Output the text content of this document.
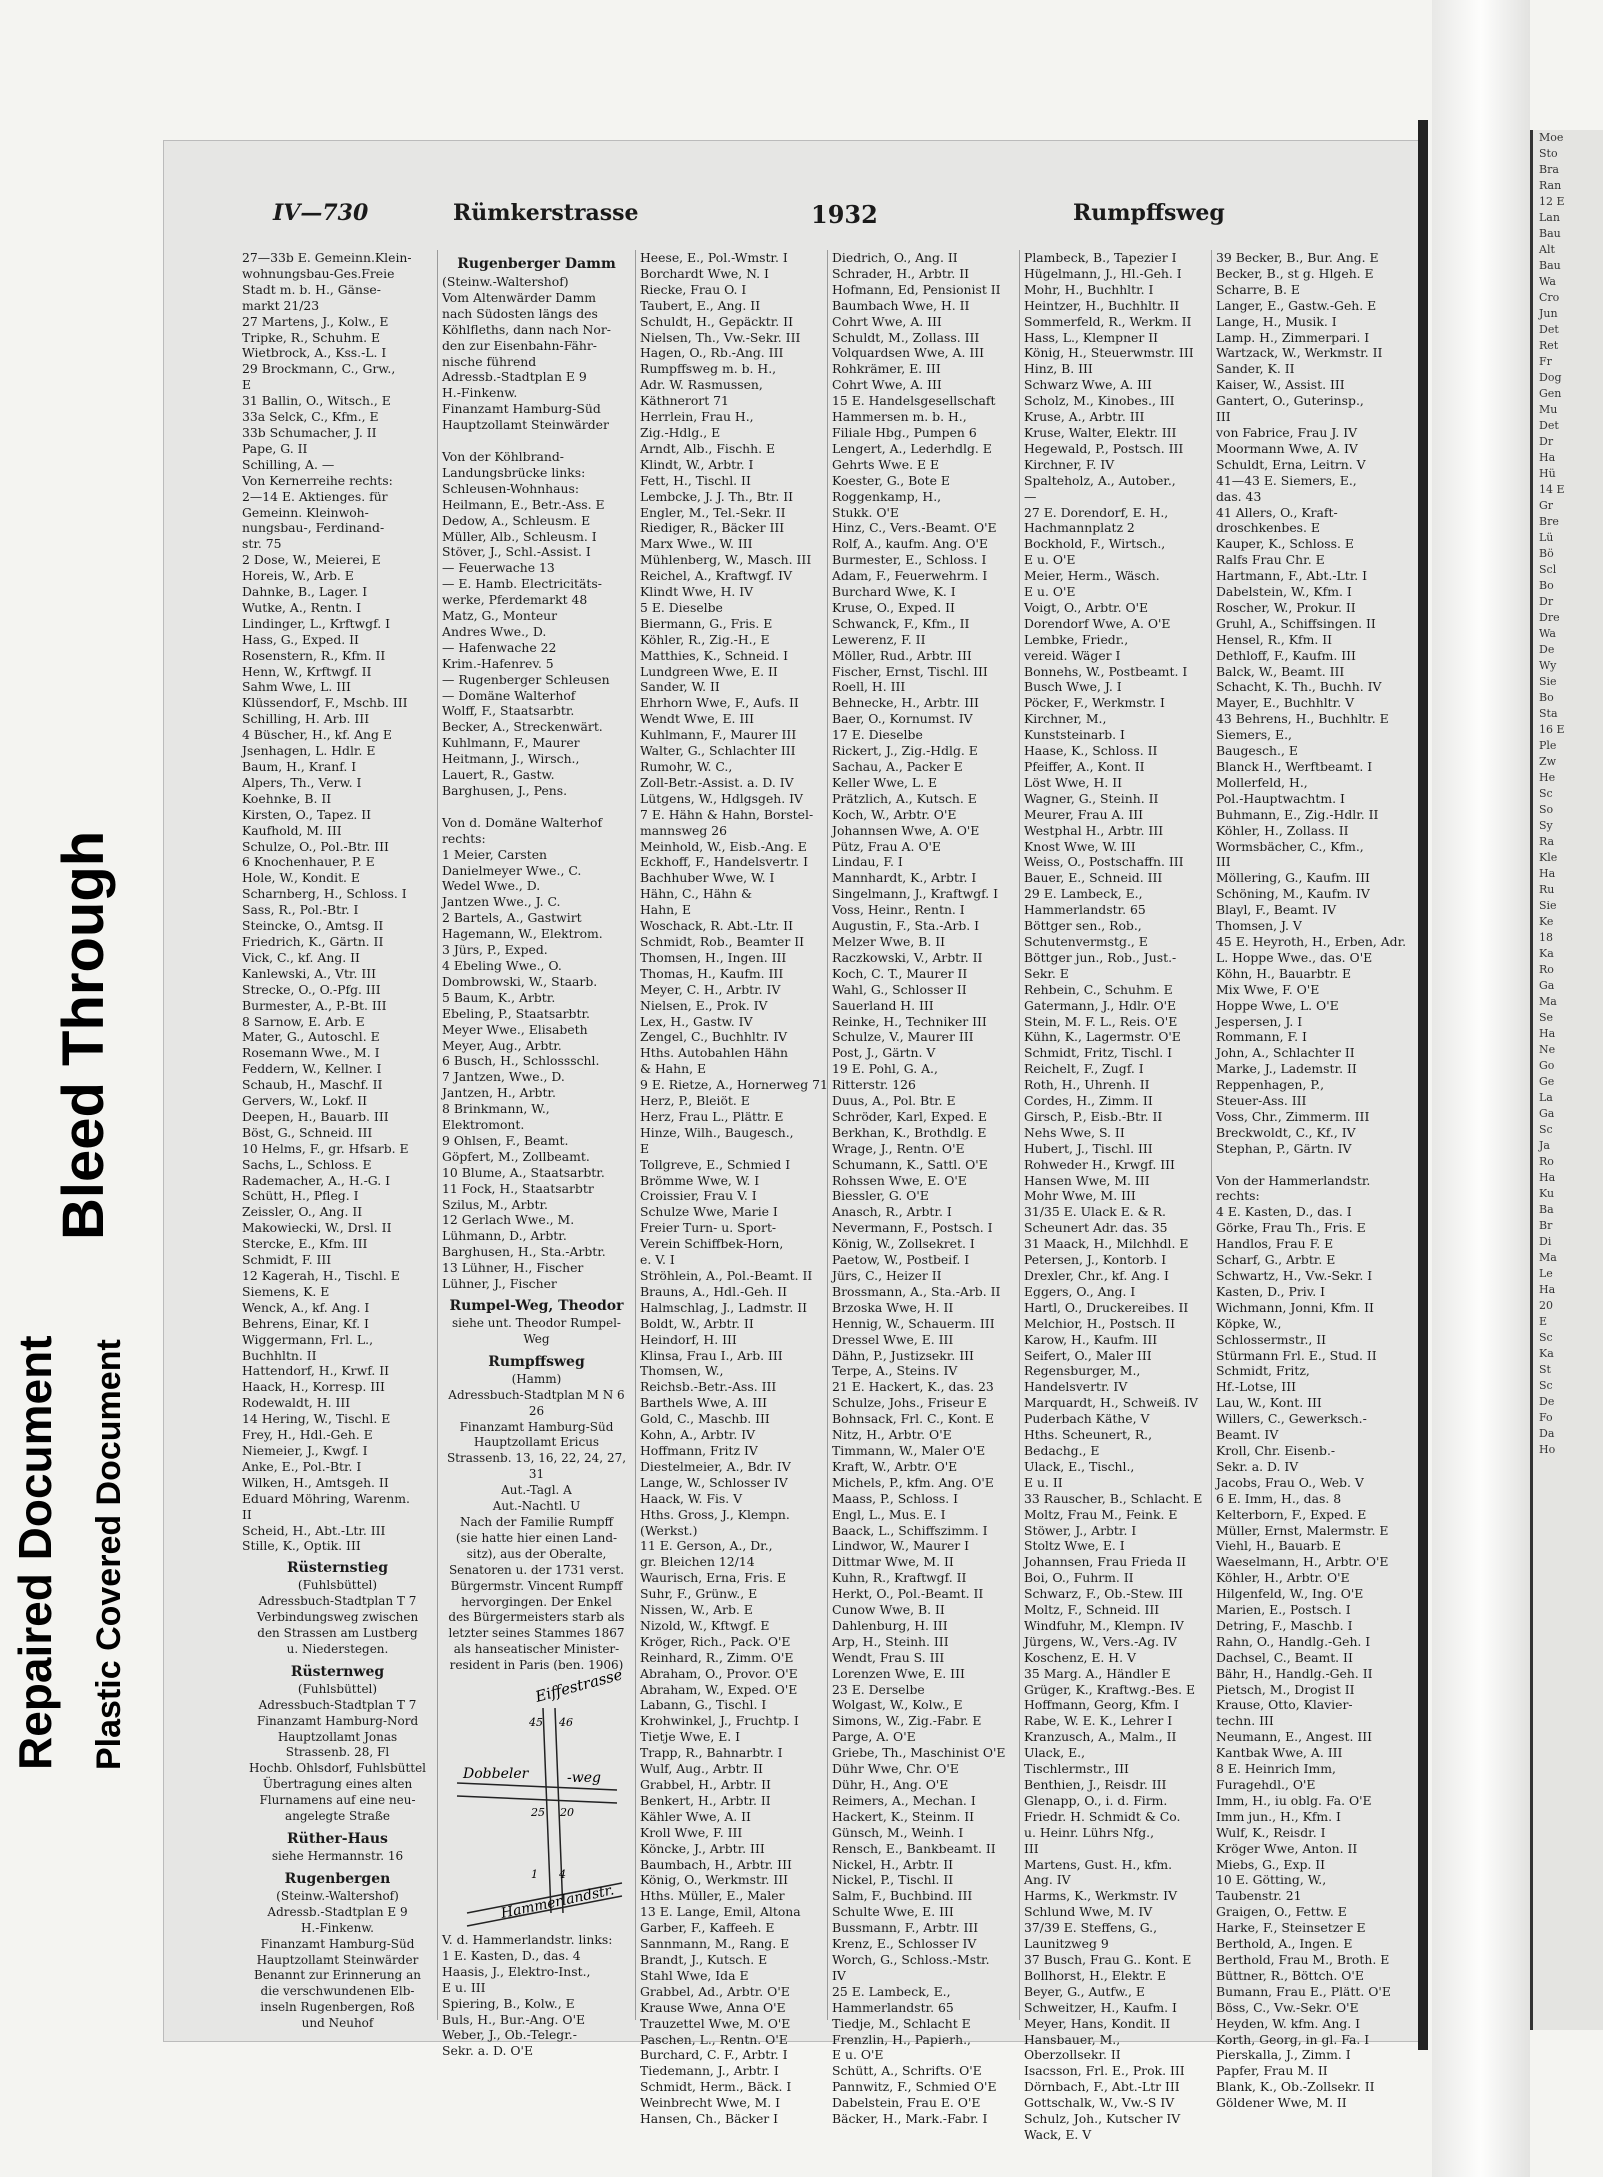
Moe
Sto
Bra
Ran
12 E
Lan
Bau
Alt
Bau
Wa
Cro
Jun
Det
Ret
Fr
Dog
Gen
Mu
Det
Dr
Ha
Hü
14 E
Gr
Bre
Lü
Bö
Scl
Bo
Dr
Dre
Wa
De
Wy
Sie
Bo
Sta
16 E
Ple
Zw
He
Sc
So
Sy
Ra
Kle
Ha
Ru
Sie
Ke
18
Ka
Ro
Ga
Ma
Se
Ha
Ne
Go
Ge
La
Ga
Sc
Ja
Ro
Ha
Ku
Ba
Br
Di
Ma
Le
Ha
20
E
Sc
Ka
St
Sc
De
Fo
Da
Ho
Repaired Document Plastic Covered Document
Bleed Through
IV—730	Rümkerstrasse	1932	Rumpffsweg
27—33b E. Gemeinn.Klein-
wohnungsbau-Ges.Freie
Stadt m. b. H., Gänse-
markt 21/23
27 Martens, J., Kolw., E
Tripke, R., Schuhm. E
Wietbrock, A., Kss.-L. I
29 Brockmann, C., Grw.,
E
31 Ballin, O., Witsch., E
33a Selck, C., Kfm., E
33b Schumacher, J. II
Pape, G. II
Schilling, A. —
Von Kernerreihe rechts:
2—14 E. Aktienges. für
Gemeinn. Kleinwoh-
nungsbau-, Ferdinand-
str. 75
2 Dose, W., Meierei, E
Horeis, W., Arb. E
Dahnke, B., Lager. I
Wutke, A., Rentn. I
Lindinger, L., Krftwgf. I
Hass, G., Exped. II
Rosenstern, R., Kfm. II
Henn, W., Krftwgf. II
Sahm Wwe, L. III
Klüssendorf, F., Mschb. III
Schilling, H. Arb. III
4 Büscher, H., kf. Ang E
Jsenhagen, L. Hdlr. E
Baum, H., Kranf. I
Alpers, Th., Verw. I
Koehnke, B. II
Kirsten, O., Tapez. II
Kaufhold, M. III
Schulze, O., Pol.-Btr. III
6 Knochenhauer, P. E
Hole, W., Kondit. E
Scharnberg, H., Schloss. I
Sass, R., Pol.-Btr. I
Steincke, O., Amtsg. II
Friedrich, K., Gärtn. II
Vick, C., kf. Ang. II
Kanlewski, A., Vtr. III
Strecke, O., O.-Pfg. III
Burmester, A., P.-Bt. III
8 Sarnow, E. Arb. E
Mater, G., Autoschl. E
Rosemann Wwe., M. I
Feddern, W., Kellner. I
Schaub, H., Maschf. II
Gervers, W., Lokf. II
Deepen, H., Bauarb. III
Böst, G., Schneid. III
10 Helms, F., gr. Hfsarb. E
Sachs, L., Schloss. E
Rademacher, A., H.-G. I
Schütt, H., Pfleg. I
Zeissler, O., Ang. II
Makowiecki, W., Drsl. II
Stercke, E., Kfm. III
Schmidt, F. III
12 Kagerah, H., Tischl. E
Siemens, K. E
Wenck, A., kf. Ang. I
Behrens, Einar, Kf. I
Wiggermann, Frl. L.,
Buchhltn. II
Hattendorf, H., Krwf. II
Haack, H., Korresp. III
Rodewaldt, H. III
14 Hering, W., Tischl. E
Frey, H., Hdl.-Geh. E
Niemeier, J., Kwgf. I
Anke, E., Pol.-Btr. I
Wilken, H., Amtsgeh. II
Eduard Möhring, Warenm.
II
Scheid, H., Abt.-Ltr. III
Stille, K., Optik. III
Rüsternstieg
(Fuhlsbüttel)
Adressbuch-Stadtplan T 7
Verbindungsweg zwischen
den Strassen am Lustberg
u. Niederstegen.
Rüsternweg
(Fuhlsbüttel)
Adressbuch-Stadtplan T 7
Finanzamt Hamburg-Nord
Hauptzollamt Jonas
Strassenb. 28, Fl
Hochb. Ohlsdorf, Fuhlsbüttel
Übertragung eines alten
Flurnamens auf eine neu-
angelegte Straße
Rüther-Haus
siehe Hermannstr. 16
Rugenbergen
(Steinw.-Waltershof)
Adressb.-Stadtplan E 9
H.-Finkenw.
Finanzamt Hamburg-Süd
Hauptzollamt Steinwärder
Benannt zur Erinnerung an
die verschwundenen Elb-
inseln Rugenbergen, Roß
und Neuhof
Rugenberger Damm
(Steinw.-Waltershof)
Vom Altenwärder Damm
nach Südosten längs des
Köhlfleths, dann nach Nor-
den zur Eisenbahn-Fähr-
nische führend
Adressb.-Stadtplan E 9
H.-Finkenw.
Finanzamt Hamburg-Süd
Hauptzollamt Steinwärder

Von der Köhlbrand-
Landungsbrücke links:
Schleusen-Wohnhaus:
Heilmann, E., Betr.-Ass. E
Dedow, A., Schleusm. E
Müller, Alb., Schleusm. I
Stöver, J., Schl.-Assist. I
— Feuerwache 13
— E. Hamb. Electricitäts-
werke, Pferdemarkt 48
Matz, G., Monteur
Andres Wwe., D.
— Hafenwache 22
Krim.-Hafenrev. 5
— Rugenberger Schleusen
— Domäne Walterhof
Wolff, F., Staatsarbtr.
Becker, A., Streckenwärt.
Kuhlmann, F., Maurer
Heitmann, J., Wirsch.,
Lauert, R., Gastw.
Barghusen, J., Pens.

Von d. Domäne Walterhof
rechts:
1 Meier, Carsten
Danielmeyer Wwe., C.
Wedel Wwe., D.
Jantzen Wwe., J. C.
2 Bartels, A., Gastwirt
Hagemann, W., Elektrom.
3 Jürs, P., Exped.
4 Ebeling Wwe., O.
Dombrowski, W., Staarb.
5 Baum, K., Arbtr.
Ebeling, P., Staatsarbtr.
Meyer Wwe., Elisabeth
Meyer, Aug., Arbtr.
6 Busch, H., Schlossschl.
7 Jantzen, Wwe., D.
Jantzen, H., Arbtr.
8 Brinkmann, W.,
Elektromont.
9 Ohlsen, F., Beamt.
Göpfert, M., Zollbeamt.
10 Blume, A., Staatsarbtr.
11 Fock, H., Staatsarbtr
Szilus, M., Arbtr.
12 Gerlach Wwe., M.
Lühmann, D., Arbtr.
Barghusen, H., Sta.-Arbtr.
13 Lühner, H., Fischer
Lühner, J., Fischer
Rumpel-Weg, Theodor
siehe unt. Theodor Rumpel-
Weg
Rumpffsweg
(Hamm)
Adressbuch-Stadtplan M N 6
26
Finanzamt Hamburg-Süd
Hauptzollamt Ericus
Strassenb. 13, 16, 22, 24, 27, 31
Aut.-Tagl. A
Aut.-Nachtl. U
Nach der Familie Rumpff
(sie hatte hier einen Land-
sitz), aus der Oberalte,
Senatoren u. der 1731 verst.
Bürgermstr. Vincent Rumpff
hervorgingen. Der Enkel
des Bürgermeisters starb als
letzter seines Stammes 1867
als hanseatischer Minister-
resident in Paris (ben. 1906)
Eiffestrasse
Dobbeler	-weg
Hammerlandstr.
45 46
25 20
1 4
V. d. Hammerlandstr. links:
1 E. Kasten, D., das. 4
Haasis, J., Elektro-Inst.,
E u. III
Spiering, B., Kolw., E
Buls, H., Bur.-Ang. O'E
Weber, J., Ob.-Telegr.-
Sekr. a. D. O'E
Heese, E., Pol.-Wmstr. I
Borchardt Wwe, N. I
Riecke, Frau O. I
Taubert, E., Ang. II
Schuldt, H., Gepäcktr. II
Nielsen, Th., Vw.-Sekr. III
Hagen, O., Rb.-Ang. III
Rumpffsweg m. b. H.,
Adr. W. Rasmussen,
Käthnerort 71
Herrlein, Frau H.,
Zig.-Hdlg., E
Arndt, Alb., Fischh. E
Klindt, W., Arbtr. I
Fett, H., Tischl. II
Lembcke, J. J. Th., Btr. II
Engler, M., Tel.-Sekr. II
Riediger, R., Bäcker III
Marx Wwe., W. III
Mühlenberg, W., Masch. III
Reichel, A., Kraftwgf. IV
Klindt Wwe, H. IV
5 E. Dieselbe
Biermann, G., Fris. E
Köhler, R., Zig.-H., E
Matthies, K., Schneid. I
Lundgreen Wwe, E. II
Sander, W. II
Ehrhorn Wwe, F., Aufs. II
Wendt Wwe, E. III
Kuhlmann, F., Maurer III
Walter, G., Schlachter III
Rumohr, W. C.,
Zoll-Betr.-Assist. a. D. IV
Lütgens, W., Hdlgsgeh. IV
7 E. Hähn & Hahn, Borstel-
mannsweg 26
Meinhold, W., Eisb.-Ang. E
Eckhoff, F., Handelsvertr. I
Bachhuber Wwe, W. I
Hähn, C., Hähn &
Hahn, E
Woschack, R. Abt.-Ltr. II
Schmidt, Rob., Beamter II
Thomsen, H., Ingen. III
Thomas, H., Kaufm. III
Meyer, C. H., Arbtr. IV
Nielsen, E., Prok. IV
Lex, H., Gastw. IV
Zengel, C., Buchhltr. IV
Hths. Autobahlen Hähn
& Hahn, E
9 E. Rietze, A., Hornerweg 71
Herz, P., Bleiöt. E
Herz, Frau L., Plättr. E
Hinze, Wilh., Baugesch.,
E
Tollgreve, E., Schmied I
Brömme Wwe, W. I
Croissier, Frau V. I
Schulze Wwe, Marie I
Freier Turn- u. Sport-
Verein Schiffbek-Horn,
e. V. I
Ströhlein, A., Pol.-Beamt. II
Brauns, A., Hdl.-Geh. II
Halmschlag, J., Ladmstr. II
Boldt, W., Arbtr. II
Heindorf, H. III
Klinsa, Frau I., Arb. III
Thomsen, W.,
Reichsb.-Betr.-Ass. III
Barthels Wwe, A. III
Gold, C., Maschb. III
Kohn, A., Arbtr. IV
Hoffmann, Fritz IV
Diestelmeier, A., Bdr. IV
Lange, W., Schlosser IV
Haack, W. Fis. V
Hths. Gross, J., Klempn.
(Werkst.)
11 E. Gerson, A., Dr.,
gr. Bleichen 12/14
Waurisch, Erna, Fris. E
Suhr, F., Grünw., E
Nissen, W., Arb. E
Nizold, W., Kftwgf. E
Kröger, Rich., Pack. O'E
Reinhard, R., Zimm. O'E
Abraham, O., Provor. O'E
Abraham, W., Exped. O'E
Labann, G., Tischl. I
Krohwinkel, J., Fruchtp. I
Tietje Wwe, E. I
Trapp, R., Bahnarbtr. I
Wulf, Aug., Arbtr. II
Grabbel, H., Arbtr. II
Benkert, H., Arbtr. II
Kähler Wwe, A. II
Kroll Wwe, F. III
Köncke, J., Arbtr. III
Baumbach, H., Arbtr. III
König, O., Werkmstr. III
Hths. Müller, E., Maler
13 E. Lange, Emil, Altona
Garber, F., Kaffeeh. E
Sannmann, M., Rang. E
Brandt, J., Kutsch. E
Stahl Wwe, Ida E
Grabbel, Ad., Arbtr. O'E
Krause Wwe, Anna O'E
Trauzettel Wwe, M. O'E
Paschen, L., Rentn. O'E
Burchard, C. F., Arbtr. I
Tiedemann, J., Arbtr. I
Schmidt, Herm., Bäck. I
Weinbrecht Wwe, M. I
Hansen, Ch., Bäcker I
Diedrich, O., Ang. II
Schrader, H., Arbtr. II
Hofmann, Ed, Pensionist II
Baumbach Wwe, H. II
Cohrt Wwe, A. III
Schuldt, M., Zollass. III
Volquardsen Wwe, A. III
Rohkrämer, E. III
Cohrt Wwe, A. III
15 E. Handelsgesellschaft
Hammersen m. b. H.,
Filiale Hbg., Pumpen 6
Lengert, A., Lederhdlg. E
Gehrts Wwe. E E
Koester, G., Bote E
Roggenkamp, H.,
Stukk. O'E
Hinz, C., Vers.-Beamt. O'E
Rolf, A., kaufm. Ang. O'E
Burmester, E., Schloss. I
Adam, F., Feuerwehrm. I
Burchard Wwe, K. I
Kruse, O., Exped. II
Schwanck, F., Kfm., II
Lewerenz, F. II
Möller, Rud., Arbtr. III
Fischer, Ernst, Tischl. III
Roell, H. III
Behnecke, H., Arbtr. III
Baer, O., Kornumst. IV
17 E. Dieselbe
Rickert, J., Zig.-Hdlg. E
Sachau, A., Packer E
Keller Wwe, L. E
Prätzlich, A., Kutsch. E
Koch, W., Arbtr. O'E
Johannsen Wwe, A. O'E
Pütz, Frau A. O'E
Lindau, F. I
Mannhardt, K., Arbtr. I
Singelmann, J., Kraftwgf. I
Voss, Heinr., Rentn. I
Augustin, F., Sta.-Arb. I
Melzer Wwe, B. II
Raczkowski, V., Arbtr. II
Koch, C. T., Maurer II
Wahl, G., Schlosser II
Sauerland H. III
Reinke, H., Techniker III
Schulze, V., Maurer III
Post, J., Gärtn. V
19 E. Pohl, G. A.,
Ritterstr. 126
Duus, A., Pol. Btr. E
Schröder, Karl, Exped. E
Berkhan, K., Brothdlg. E
Wrage, J., Rentn. O'E
Schumann, K., Sattl. O'E
Rohssen Wwe, E. O'E
Biessler, G. O'E
Anasch, R., Arbtr. I
Nevermann, F., Postsch. I
König, W., Zollsekret. I
Paetow, W., Postbeif. I
Jürs, C., Heizer II
Brossmann, A., Sta.-Arb. II
Brzoska Wwe, H. II
Hennig, W., Schauerm. III
Dressel Wwe, E. III
Dähn, P., Justizsekr. III
Terpe, A., Steins. IV
21 E. Hackert, K., das. 23
Schulze, Johs., Friseur E
Bohnsack, Frl. C., Kont. E
Nitz, H., Arbtr. O'E
Timmann, W., Maler O'E
Kraft, W., Arbtr. O'E
Michels, P., kfm. Ang. O'E
Maass, P., Schloss. I
Engl, L., Mus. E. I
Baack, L., Schiffszimm. I
Lindwor, W., Maurer I
Dittmar Wwe, M. II
Kuhn, R., Kraftwgf. II
Herkt, O., Pol.-Beamt. II
Cunow Wwe, B. II
Dahlenburg, H. III
Arp, H., Steinh. III
Wendt, Frau S. III
Lorenzen Wwe, E. III
23 E. Derselbe
Wolgast, W., Kolw., E
Simons, W., Zig.-Fabr. E
Parge, A. O'E
Griebe, Th., Maschinist O'E
Dühr Wwe, Chr. O'E
Dühr, H., Ang. O'E
Reimers, A., Mechan. I
Hackert, K., Steinm. II
Günsch, M., Weinh. I
Rensch, E., Bankbeamt. II
Nickel, H., Arbtr. II
Nickel, P., Tischl. II
Salm, F., Buchbind. III
Schulte Wwe, E. III
Bussmann, F., Arbtr. III
Krenz, E., Schlosser IV
Worch, G., Schloss.-Mstr.
IV
25 E. Lambeck, E.,
Hammerlandstr. 65
Tiedje, M., Schlacht E
Frenzlin, H., Papierh.,
E u. O'E
Schütt, A., Schrifts. O'E
Pannwitz, F., Schmied O'E
Dabelstein, Frau E. O'E
Bäcker, H., Mark.-Fabr. I
Plambeck, B., Tapezier I
Hügelmann, J., Hl.-Geh. I
Mohr, H., Buchhltr. I
Heintzer, H., Buchhltr. II
Sommerfeld, R., Werkm. II
Hass, L., Klempner II
König, H., Steuerwmstr. III
Hinz, B. III
Schwarz Wwe, A. III
Scholz, M., Kinobes., III
Kruse, A., Arbtr. III
Kruse, Walter, Elektr. III
Hegewald, P., Postsch. III
Kirchner, F. IV
Spalteholz, A., Autober.,
—
27 E. Dorendorf, E. H.,
Hachmannplatz 2
Bockhold, F., Wirtsch.,
E u. O'E
Meier, Herm., Wäsch.
E u. O'E
Voigt, O., Arbtr. O'E
Dorendorf Wwe, A. O'E
Lembke, Friedr.,
vereid. Wäger I
Bonnehs, W., Postbeamt. I
Busch Wwe, J. I
Pöcker, F., Werkmstr. I
Kirchner, M.,
Kunststeinarb. I
Haase, K., Schloss. II
Pfeiffer, A., Kont. II
Löst Wwe, H. II
Wagner, G., Steinh. II
Meurer, Frau A. III
Westphal H., Arbtr. III
Knost Wwe, W. III
Weiss, O., Postschaffn. III
Bauer, E., Schneid. III
29 E. Lambeck, E.,
Hammerlandstr. 65
Böttger sen., Rob.,
Schutenvermstg., E
Böttger jun., Rob., Just.-
Sekr. E
Rehbein, C., Schuhm. E
Gatermann, J., Hdlr. O'E
Stein, M. F. L., Reis. O'E
Kühn, K., Lagermstr. O'E
Schmidt, Fritz, Tischl. I
Reichelt, F., Zugf. I
Roth, H., Uhrenh. II
Cordes, H., Zimm. II
Girsch, P., Eisb.-Btr. II
Nehs Wwe, S. II
Hubert, J., Tischl. III
Rohweder H., Krwgf. III
Hansen Wwe, M. III
Mohr Wwe, M. III
31/35 E. Ulack E. & R.
Scheunert Adr. das. 35
31 Maack, H., Milchhdl. E
Petersen, J., Kontorb. I
Drexler, Chr., kf. Ang. I
Eggers, O., Ang. I
Hartl, O., Druckereibes. II
Melchior, H., Postsch. II
Karow, H., Kaufm. III
Seifert, O., Maler III
Regensburger, M.,
Handelsvertr. IV
Marquardt, H., Schweiß. IV
Puderbach Käthe, V
Hths. Scheunert, R.,
Bedachg., E
Ulack, E., Tischl.,
E u. II
33 Rauscher, B., Schlacht. E
Moltz, Frau M., Feink. E
Stöwer, J., Arbtr. I
Stoltz Wwe, E. I
Johannsen, Frau Frieda II
Boi, O., Fuhrm. II
Schwarz, F., Ob.-Stew. III
Moltz, F., Schneid. III
Windfuhr, M., Klempn. IV
Jürgens, W., Vers.-Ag. IV
Koschenz, E. H. V
35 Marg. A., Händler E
Grüger, K., Kraftwg.-Bes. E
Hoffmann, Georg, Kfm. I
Rabe, W. E. K., Lehrer I
Kranzusch, A., Malm., II
Ulack, E.,
Tischlermstr., III
Benthien, J., Reisdr. III
Glenapp, O., i. d. Firm.
Friedr. H. Schmidt & Co.
u. Heinr. Lührs Nfg.,
III
Martens, Gust. H., kfm.
Ang. IV
Harms, K., Werkmstr. IV
Schlund Wwe, M. IV
37/39 E. Steffens, G.,
Launitzweg 9
37 Busch, Frau G.. Kont. E
Bollhorst, H., Elektr. E
Beyer, G., Autfw., E
Schweitzer, H., Kaufm. I
Meyer, Hans, Kondit. II
Hansbauer, M.,
Oberzollsekr. II
Isacsson, Frl. E., Prok. III
Dörnbach, F., Abt.-Ltr III
Gottschalk, W., Vw.-S IV
Schulz, Joh., Kutscher IV
Wack, E. V
39 Becker, B., Bur. Ang. E
Becker, B., st g. Hlgeh. E
Scharre, B. E
Langer, E., Gastw.-Geh. E
Lange, H., Musik. I
Lamp. H., Zimmerpari. I
Wartzack, W., Werkmstr. II
Sander, K. II
Kaiser, W., Assist. III
Gantert, O., Guterinsp.,
III
von Fabrice, Frau J. IV
Moormann Wwe, A. IV
Schuldt, Erna, Leitrn. V
41—43 E. Siemers, E.,
das. 43
41 Allers, O., Kraft-
droschkenbes. E
Kauper, K., Schloss. E
Ralfs Frau Chr. E
Hartmann, F., Abt.-Ltr. I
Dabelstein, W., Kfm. I
Roscher, W., Prokur. II
Gruhl, A., Schiffsingen. II
Hensel, R., Kfm. II
Dethloff, F., Kaufm. III
Balck, W., Beamt. III
Schacht, K. Th., Buchh. IV
Mayer, E., Buchhltr. V
43 Behrens, H., Buchhltr. E
Siemers, E.,
Baugesch., E
Blanck H., Werftbeamt. I
Mollerfeld, H.,
Pol.-Hauptwachtm. I
Buhmann, E., Zig.-Hdlr. II
Köhler, H., Zollass. II
Wormsbächer, C., Kfm.,
III
Möllering, G., Kaufm. III
Schöning, M., Kaufm. IV
Blayl, F., Beamt. IV
Thomsen, J. V
45 E. Heyroth, H., Erben, Adr.
L. Hoppe Wwe., das. O'E
Köhn, H., Bauarbtr. E
Mix Wwe, F. O'E
Hoppe Wwe, L. O'E
Jespersen, J. I
Rommann, F. I
John, A., Schlachter II
Marke, J., Lademstr. II
Reppenhagen, P.,
Steuer-Ass. III
Voss, Chr., Zimmerm. III
Breckwoldt, C., Kf., IV
Stephan, P., Gärtn. IV

Von der Hammerlandstr.
rechts:
4 E. Kasten, D., das. I
Görke, Frau Th., Fris. E
Handlos, Frau F. E
Scharf, G., Arbtr. E
Schwartz, H., Vw.-Sekr. I
Kasten, D., Priv. I
Wichmann, Jonni, Kfm. II
Köpke, W.,
Schlossermstr., II
Stürmann Frl. E., Stud. II
Schmidt, Fritz,
Hf.-Lotse, III
Lau, W., Kont. III
Willers, C., Gewerksch.-
Beamt. IV
Kroll, Chr. Eisenb.-
Sekr. a. D. IV
Jacobs, Frau O., Web. V
6 E. Imm, H., das. 8
Kelterborn, F., Exped. E
Müller, Ernst, Malermstr. E
Viehl, H., Bauarb. E
Waeselmann, H., Arbtr. O'E
Köhler, H., Arbtr. O'E
Hilgenfeld, W., Ing. O'E
Marien, E., Postsch. I
Detring, F., Maschb. I
Rahn, O., Handlg.-Geh. I
Dachsel, C., Beamt. II
Bähr, H., Handlg.-Geh. II
Pietsch, M., Drogist II
Krause, Otto, Klavier-
techn. III
Neumann, E., Angest. III
Kantbak Wwe, A. III
8 E. Heinrich Imm,
Furagehdl., O'E
Imm, H., iu oblg. Fa. O'E
Imm jun., H., Kfm. I
Wulf, K., Reisdr. I
Kröger Wwe, Anton. II
Miebs, G., Exp. II
10 E. Götting, W.,
Taubenstr. 21
Graigen, O., Fettw. E
Harke, F., Steinsetzer E
Berthold, A., Ingen. E
Berthold, Frau M., Broth. E
Büttner, R., Böttch. O'E
Bumann, Frau E., Plätt. O'E
Böss, C., Vw.-Sekr. O'E
Heyden, W. kfm. Ang. I
Korth, Georg, in gl. Fa. I
Pierskalla, J., Zimm. I
Papfer, Frau M. II
Blank, K., Ob.-Zollsekr. II
Göldener Wwe, M. II
